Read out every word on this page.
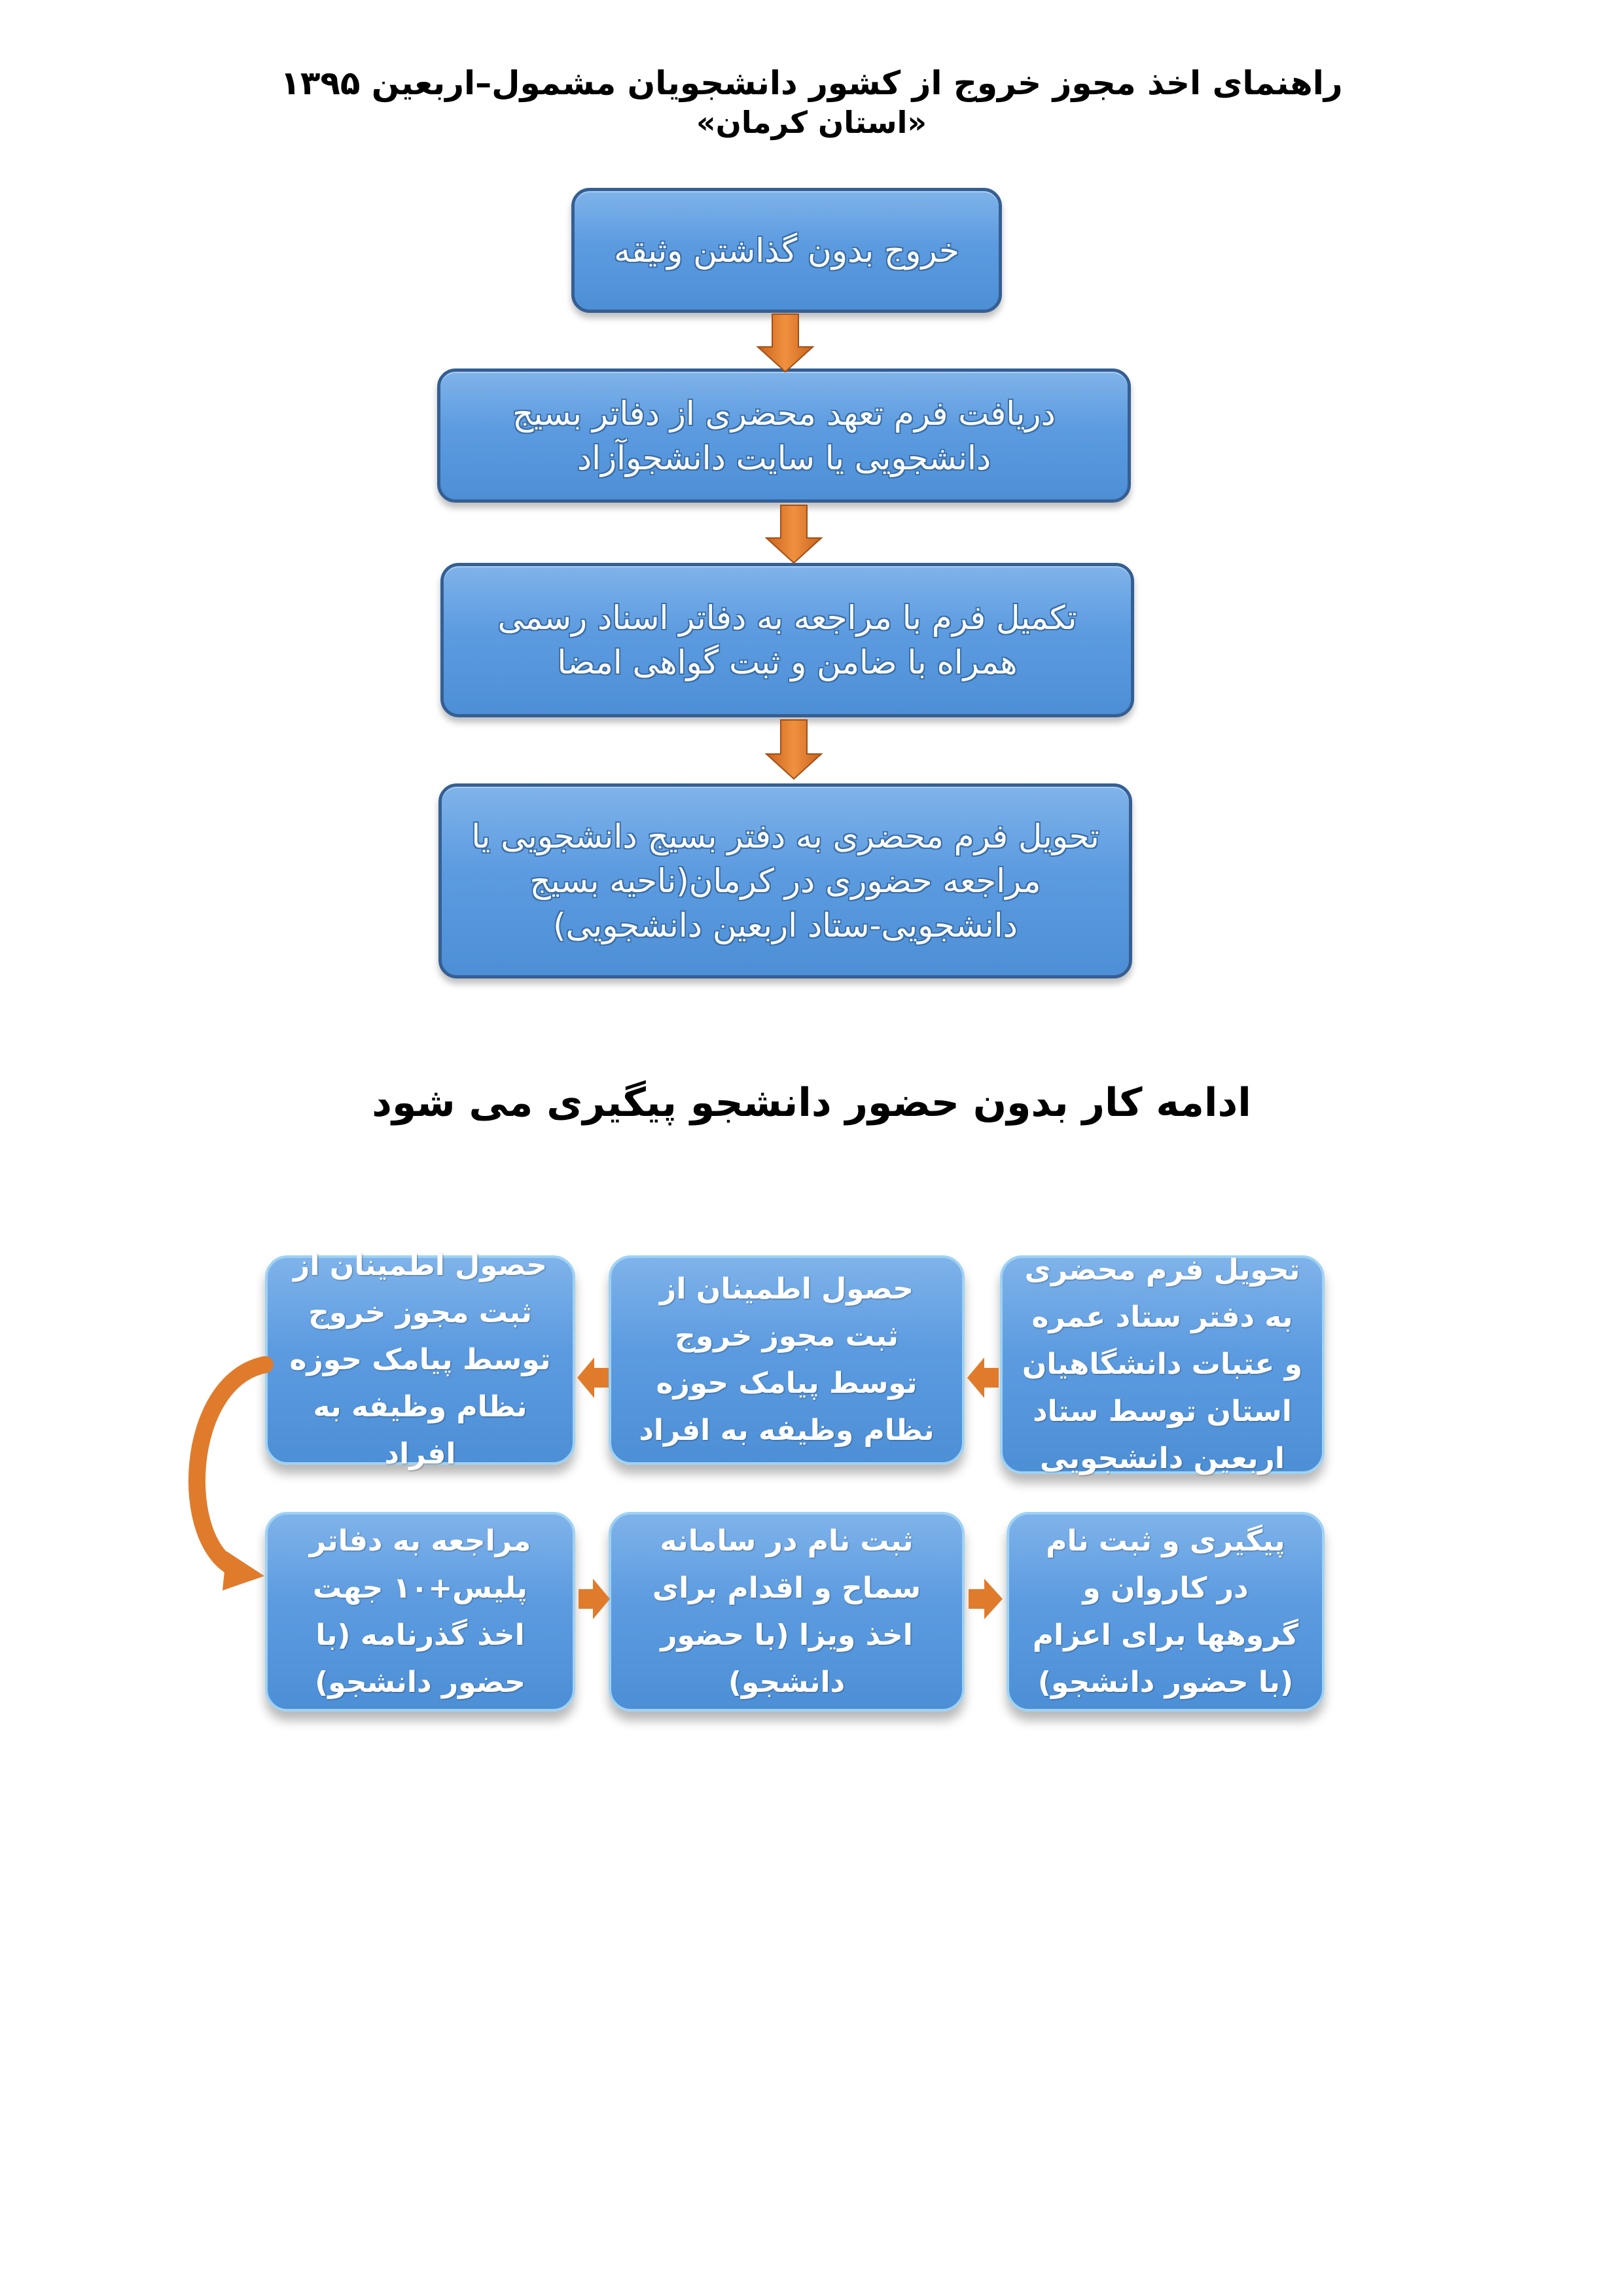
راهنمای اخذ مجوز خروج از کشور دانشجویان مشمول–اربعین ۱۳۹۵
«استان کرمان»
خروج بدون گذاشتن وثیقه
دریافت فرم تعهد محضری از دفاتر بسیج دانشجویی یا سایت دانشجوآزاد
تکمیل فرم با مراجعه به دفاتر اسناد رسمی همراه با ضامن و ثبت گواهی امضا
تحویل فرم محضری به دفتر بسیج دانشجویی یا مراجعه حضوری در کرمان(ناحیه بسیج دانشجویی-ستاد اربعین دانشجویی)
ادامه کار بدون حضور دانشجو پیگیری می شود
تحویل فرم محضری به دفتر ستاد عمره و عتبات دانشگاهیان استان توسط ستاد اربعین دانشجویی
حصول اطمینان از ثبت مجوز خروج توسط پیامک حوزه نظام وظیفه به افراد
حصول اطمینان از ثبت مجوز خروج توسط پیامک حوزه نظام وظیفه به افراد
مراجعه به دفاتر پلیس+۱۰ جهت اخذ گذرنامه (با حضور دانشجو)
ثبت نام در سامانه سماح و اقدام برای اخذ ویزا (با حضور دانشجو)
پیگیری و ثبت نام در کاروان و گروهها برای اعزام (با حضور دانشجو)
